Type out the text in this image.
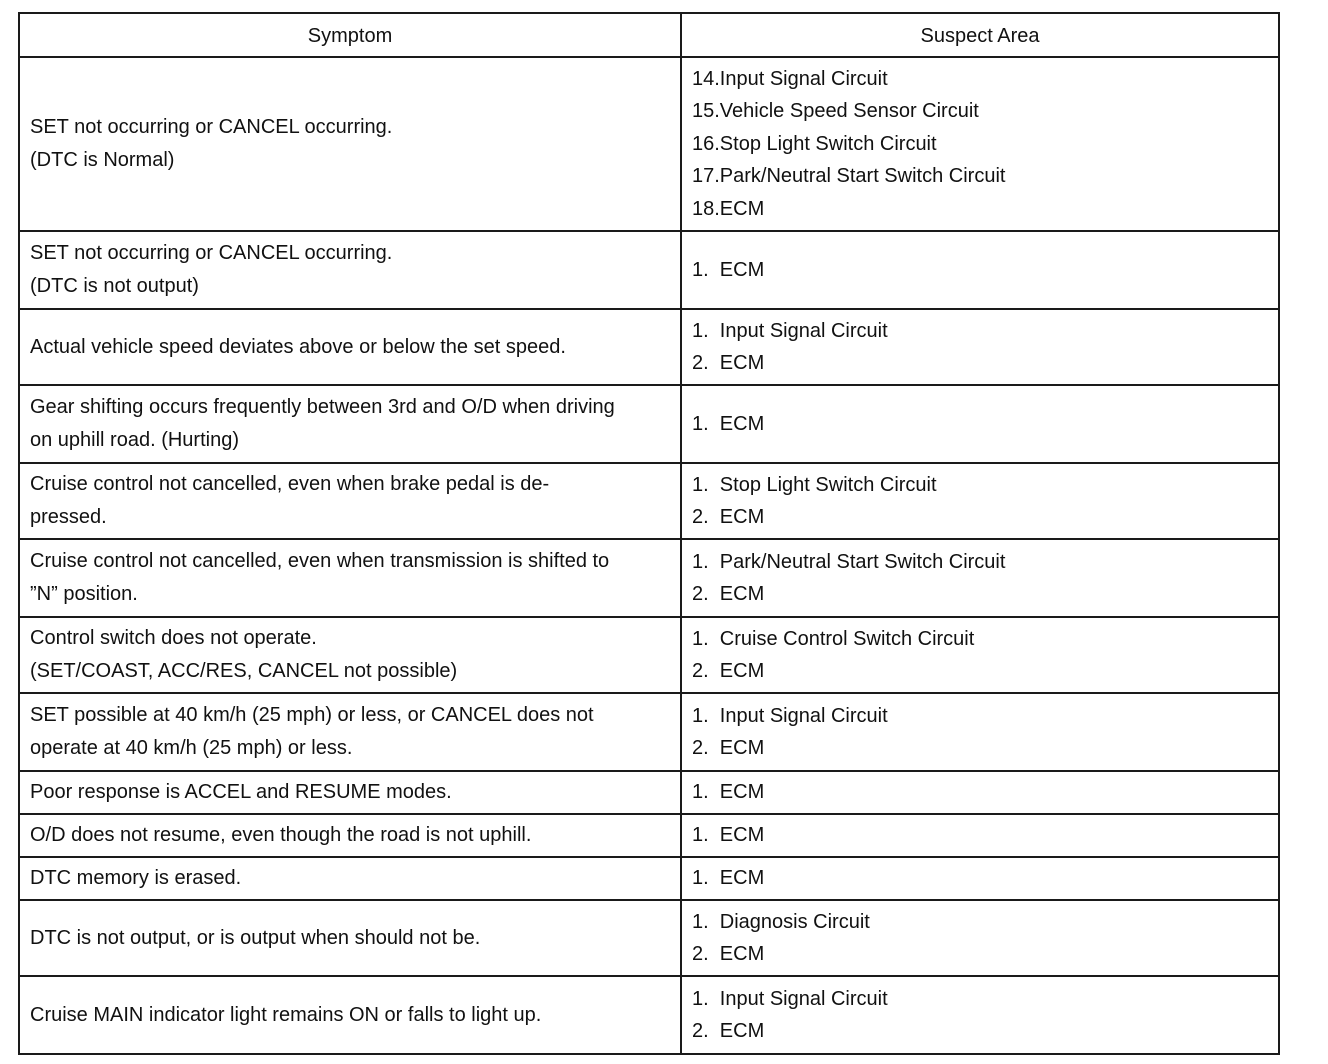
Symptom	Suspect Area

SET not occurring or CANCEL occurring.
(DTC is Normal)	14.Input Signal Circuit
15.Vehicle Speed Sensor Circuit
16.Stop Light Switch Circuit
17.Park/Neutral Start Switch Circuit
18.ECM

SET not occurring or CANCEL occurring.
(DTC is not output)	1.  ECM

Actual vehicle speed deviates above or below the set speed.	1.  Input Signal Circuit
2.  ECM

Gear shifting occurs frequently between 3rd and O/D when driving
on uphill road. (Hurting)	1.  ECM

Cruise control not cancelled, even when brake pedal is de-
pressed.	1.  Stop Light Switch Circuit
2.  ECM

Cruise control not cancelled, even when transmission is shifted to
”N” position.	1.  Park/Neutral Start Switch Circuit
2.  ECM

Control switch does not operate.
(SET/COAST, ACC/RES, CANCEL not possible)	1.  Cruise Control Switch Circuit
2.  ECM

SET possible at 40 km/h (25 mph) or less, or CANCEL does not
operate at 40 km/h (25 mph) or less.	1.  Input Signal Circuit
2.  ECM

Poor response is ACCEL and RESUME modes.	1.  ECM

O/D does not resume, even though the road is not uphill.	1.  ECM

DTC memory is erased.	1.  ECM

DTC is not output, or is output when should not be.	1.  Diagnosis Circuit
2.  ECM

Cruise MAIN indicator light remains ON or falls to light up.	1.  Input Signal Circuit
2.  ECM
